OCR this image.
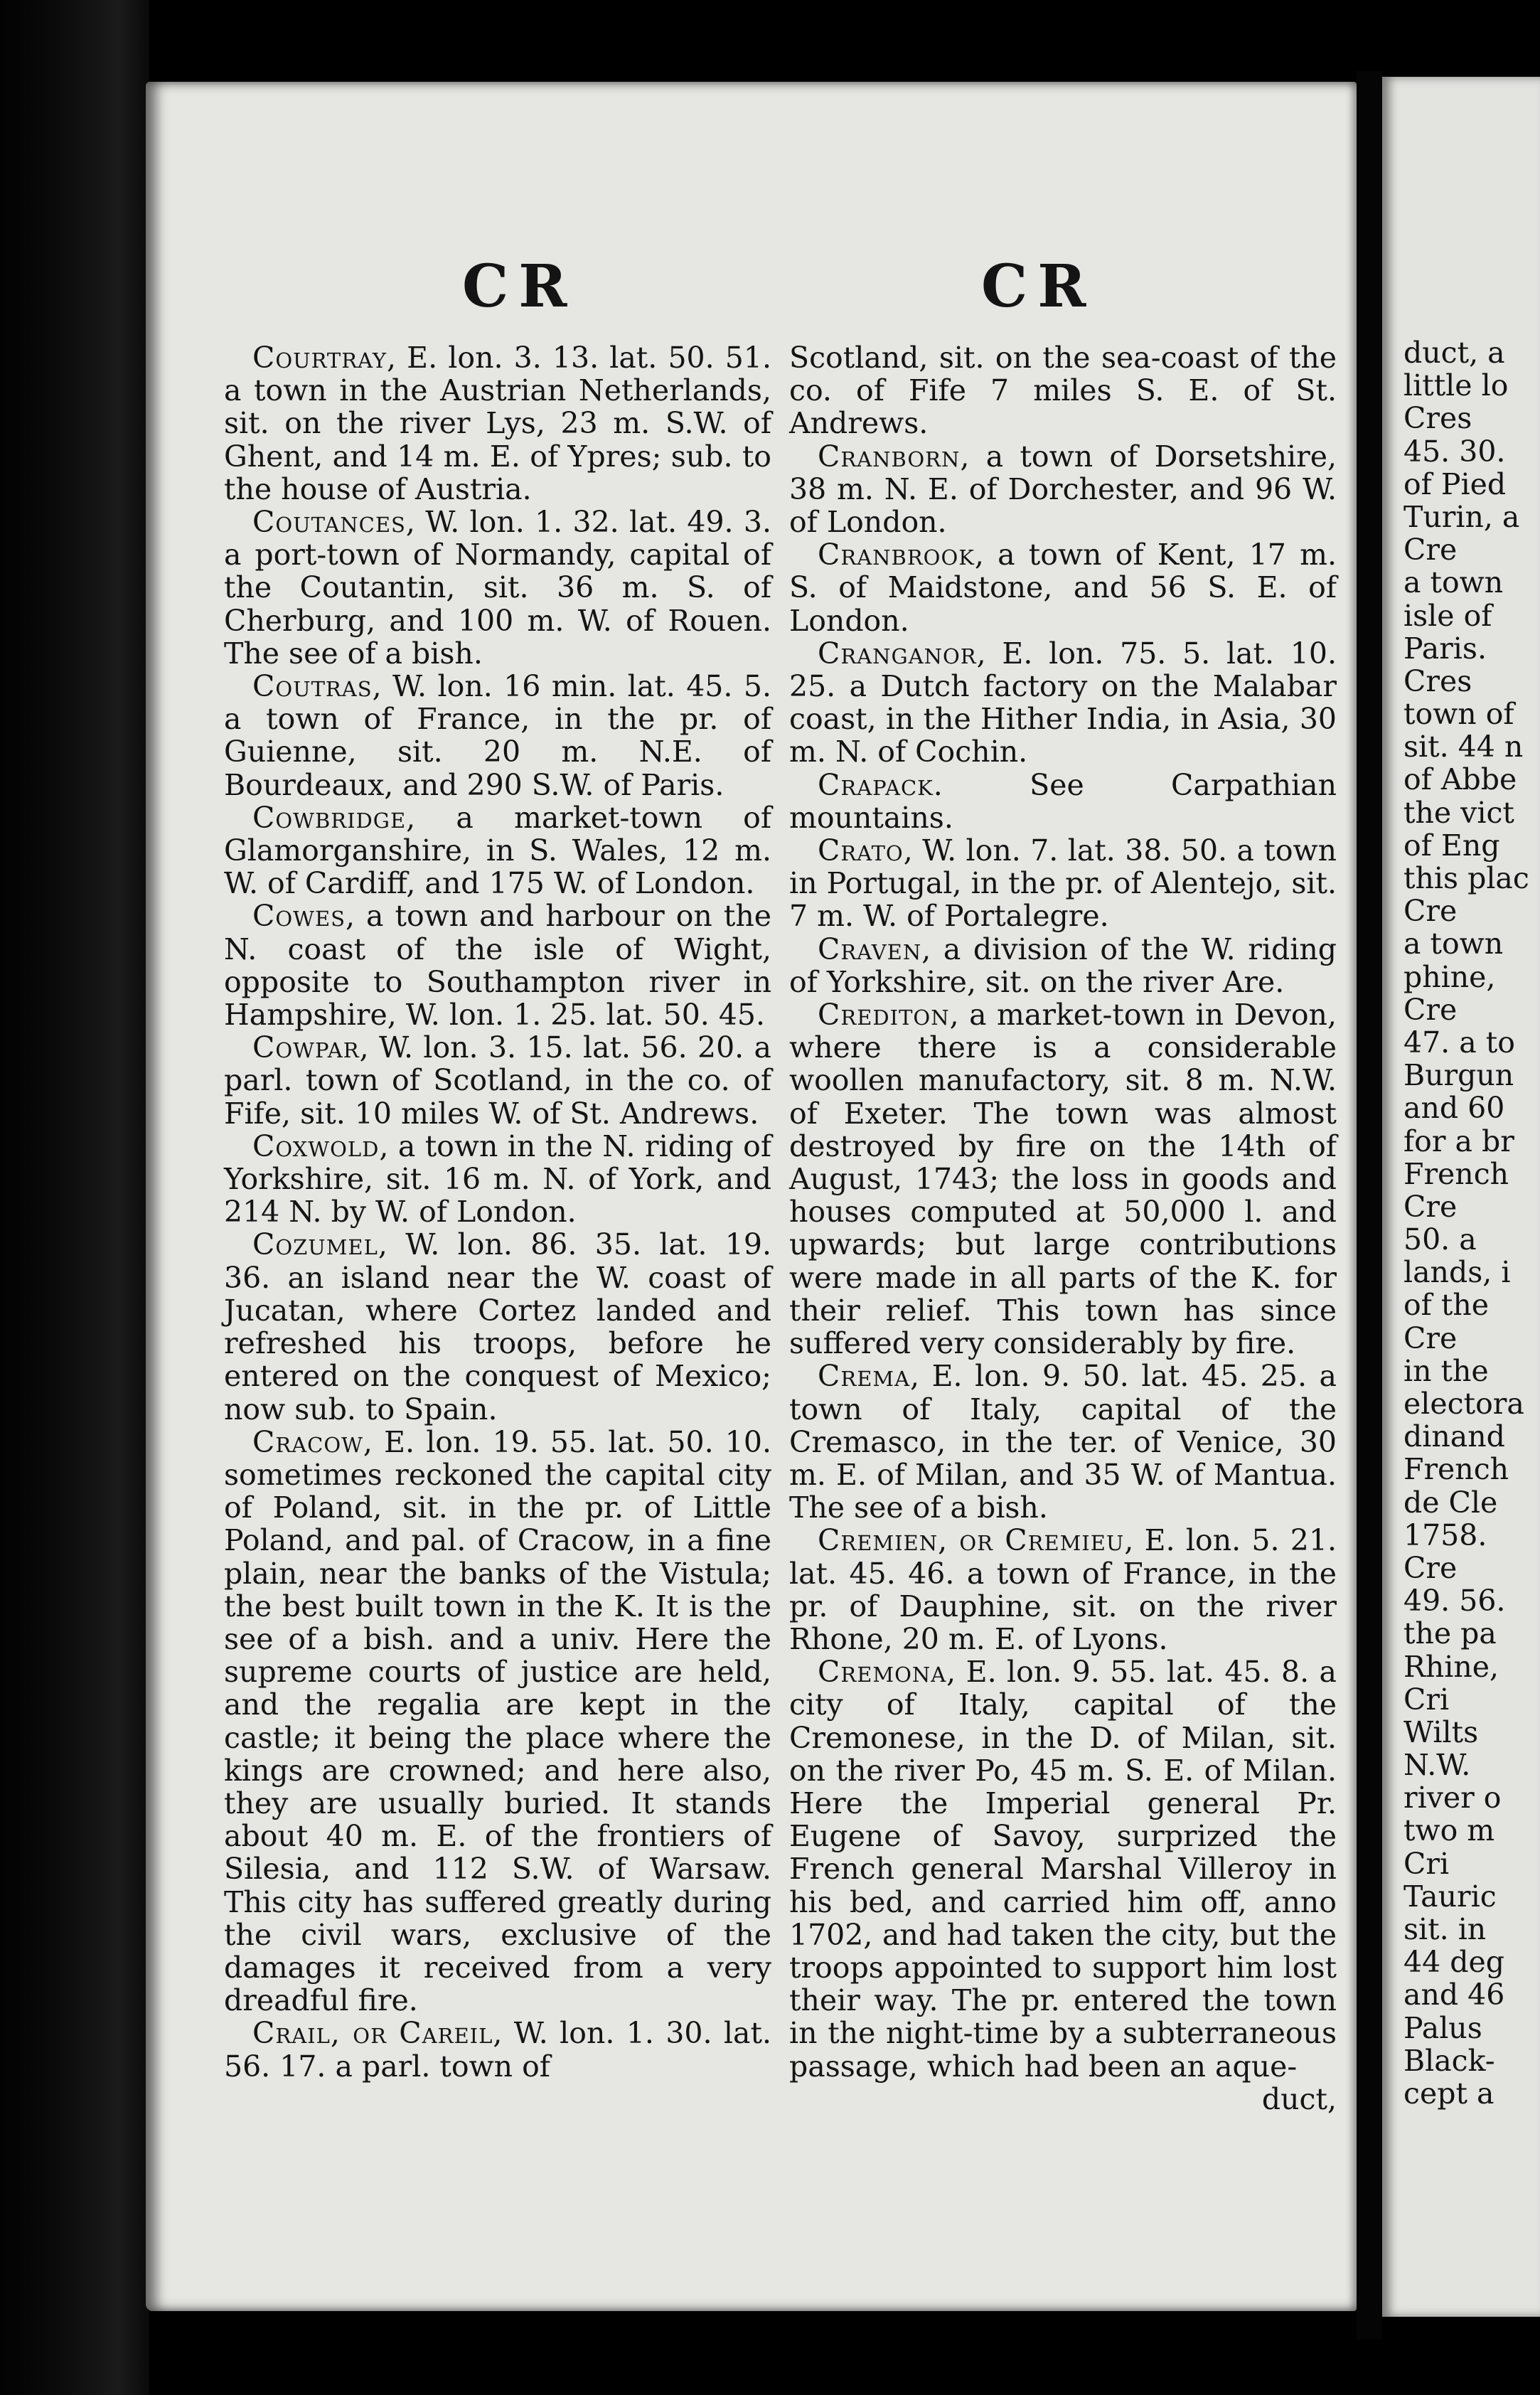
CR	CR

Courtray, E. lon. 3. 13. lat. 50. 51. a town in the Austrian Netherlands, sit. on the river Lys, 23 m. S.W. of Ghent, and 14 m. E. of Ypres; sub. to the house of Austria.

Coutances, W. lon. 1. 32. lat. 49. 3. a port-town of Normandy, capital of the Coutantin, sit. 36 m. S. of Cherburg, and 100 m. W. of Rouen. The see of a bish.

Coutras, W. lon. 16 min. lat. 45. 5. a town of France, in the pr. of Guienne, sit. 20 m. N.E. of Bourdeaux, and 290 S.W. of Paris.

Cowbridge, a market-town of Glamorganshire, in S. Wales, 12 m. W. of Cardiff, and 175 W. of London.

Cowes, a town and harbour on the N. coast of the isle of Wight, opposite to Southampton river in Hampshire, W. lon. 1. 25. lat. 50. 45.

Cowpar, W. lon. 3. 15. lat. 56. 20. a parl. town of Scotland, in the co. of Fife, sit. 10 miles W. of St. Andrews.

Coxwold, a town in the N. riding of Yorkshire, sit. 16 m. N. of York, and 214 N. by W. of London.

Cozumel, W. lon. 86. 35. lat. 19. 36. an island near the W. coast of Jucatan, where Cortez landed and refreshed his troops, before he entered on the conquest of Mexico; now sub. to Spain.

Cracow, E. lon. 19. 55. lat. 50. 10. sometimes reckoned the capital city of Poland, sit. in the pr. of Little Poland, and pal. of Cracow, in a fine plain, near the banks of the Vistula; the best built town in the K. It is the see of a bish. and a univ. Here the supreme courts of justice are held, and the regalia are kept in the castle; it being the place where the kings are crowned; and here also, they are usually buried. It stands about 40 m. E. of the frontiers of Silesia, and 112 S.W. of Warsaw. This city has suffered greatly during the civil wars, exclusive of the damages it received from a very dreadful fire.

Crail, or Careil, W. lon. 1. 30. lat. 56. 17. a parl. town of

Scotland, sit. on the sea-coast of the co. of Fife 7 miles S. E. of St. Andrews.

Cranborn, a town of Dorsetshire, 38 m. N. E. of Dorchester, and 96 W. of London.

Cranbrook, a town of Kent, 17 m. S. of Maidstone, and 56 S. E. of London.

Cranganor, E. lon. 75. 5. lat. 10. 25. a Dutch factory on the Malabar coast, in the Hither India, in Asia, 30 m. N. of Cochin.

Crapack. See Carpathian mountains.

Crato, W. lon. 7. lat. 38. 50. a town in Portugal, in the pr. of Alentejo, sit. 7 m. W. of Portalegre.

Craven, a division of the W. riding of Yorkshire, sit. on the river Are.

Crediton, a market-town in Devon, where there is a considerable woollen manufactory, sit. 8 m. N.W. of Exeter. The town was almost destroyed by fire on the 14th of August, 1743; the loss in goods and houses computed at 50,000 l. and upwards; but large contributions were made in all parts of the K. for their relief. This town has since suffered very considerably by fire.

Crema, E. lon. 9. 50. lat. 45. 25. a town of Italy, capital of the Cremasco, in the ter. of Venice, 30 m. E. of Milan, and 35 W. of Mantua. The see of a bish.

Cremien, or Cremieu, E. lon. 5. 21. lat. 45. 46. a town of France, in the pr. of Dauphine, sit. on the river Rhone, 20 m. E. of Lyons.

Cremona, E. lon. 9. 55. lat. 45. 8. a city of Italy, capital of the Cremonese, in the D. of Milan, sit. on the river Po, 45 m. S. E. of Milan. Here the Imperial general Pr. Eugene of Savoy, surprized the French general Marshal Villeroy in his bed, and carried him off, anno 1702, and had taken the city, but the troops appointed to support him lost their way. The pr. entered the town in the night-time by a subterraneous passage, which had been an aque-

duct,

duct, a
little lo
Cres
45. 30.
of Pied
Turin, a
Cre
a town
isle of
Paris.
Cres
town of
sit. 44 n
of Abbe
the vict
of Eng
this plac
Cre
a town
phine,
Cre
47. a to
Burgun
and 60
for a br
French
Cre
50. a
lands, i
of the
Cre
in the
electora
dinand
French
de Cle
1758.
Cre
49. 56.
the pa
Rhine,
Cri
Wilts
N.W.
river o
two m
Cri
Tauric
sit. in
44 deg
and 46
Palus
Black-
cept a
